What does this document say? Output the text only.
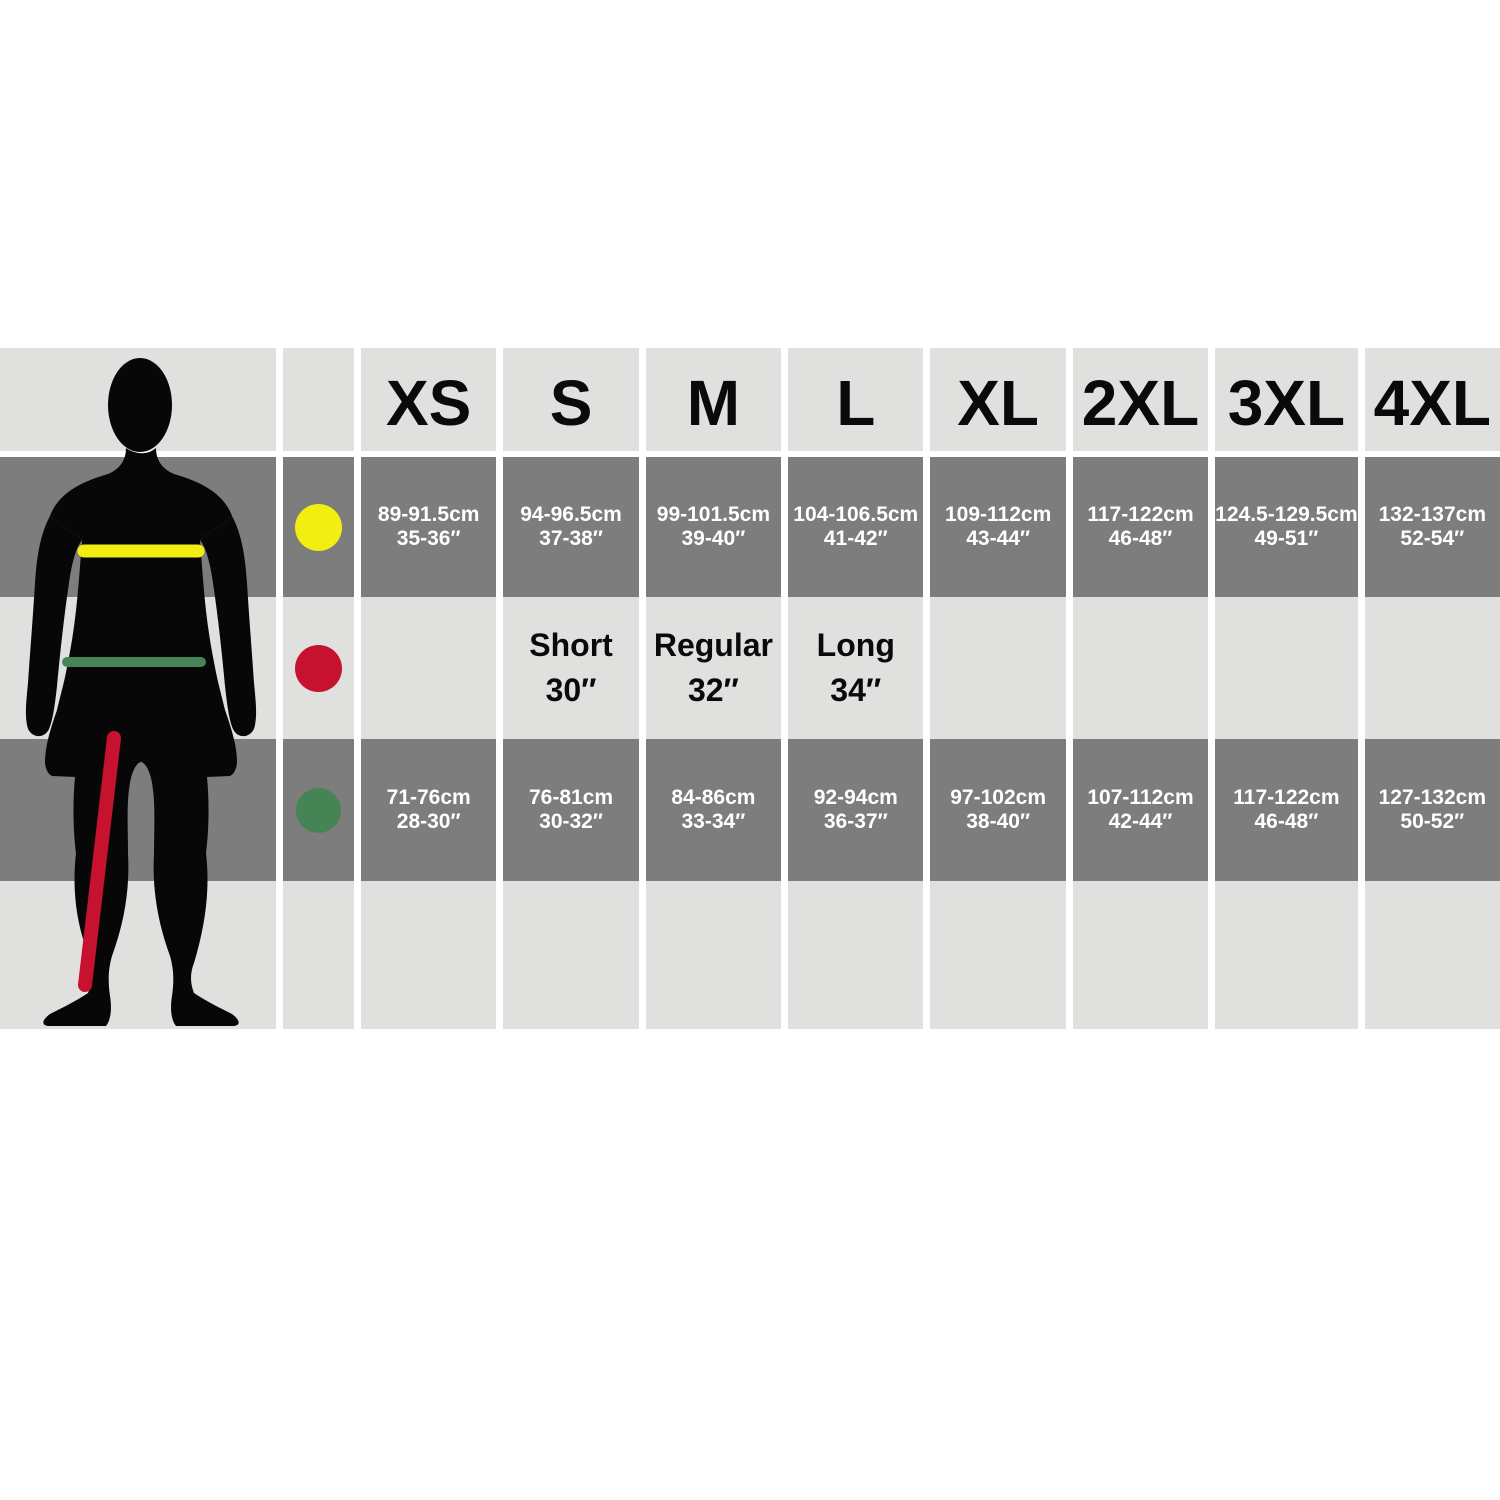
XS
89-91.5cm
35-36″
71-76cm
28-30″
S
94-96.5cm
37-38″
Short
30″
76-81cm
30-32″
M
99-101.5cm
39-40″
Regular
32″
84-86cm
33-34″
L
104-106.5cm
41-42″
Long
34″
92-94cm
36-37″
XL
109-112cm
43-44″
97-102cm
38-40″
2XL
117-122cm
46-48″
107-112cm
42-44″
3XL
124.5-129.5cm
49-51″
117-122cm
46-48″
4XL
132-137cm
52-54″
127-132cm
50-52″
